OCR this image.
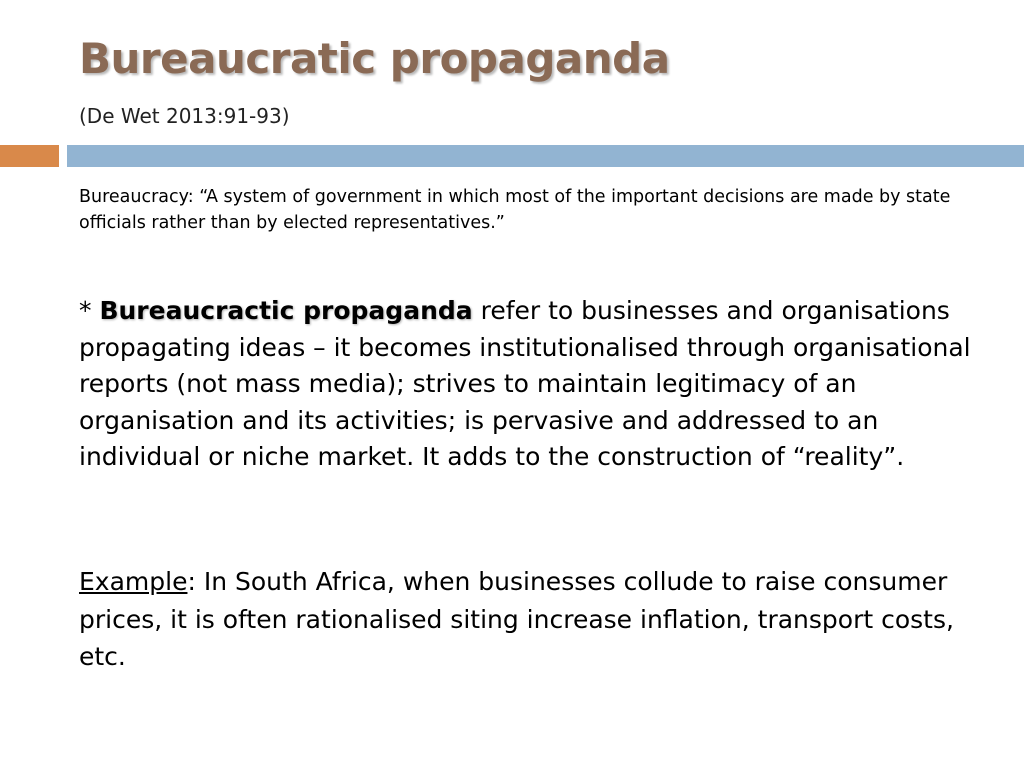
Bureaucratic propaganda

(De Wet 2013:91-93)

Bureaucracy: “A system of government in which most of the important decisions are made by state officials rather than by elected representatives.”

* Bureaucractic propaganda refer to businesses and organisations propagating ideas – it becomes institutionalised through organisational reports (not mass media); strives to maintain legitimacy of an organisation and its activities; is pervasive and addressed to an individual or niche market. It adds to the construction of “reality”.

Example: In South Africa, when businesses collude to raise consumer prices, it is often rationalised siting increase inflation, transport costs, etc.
